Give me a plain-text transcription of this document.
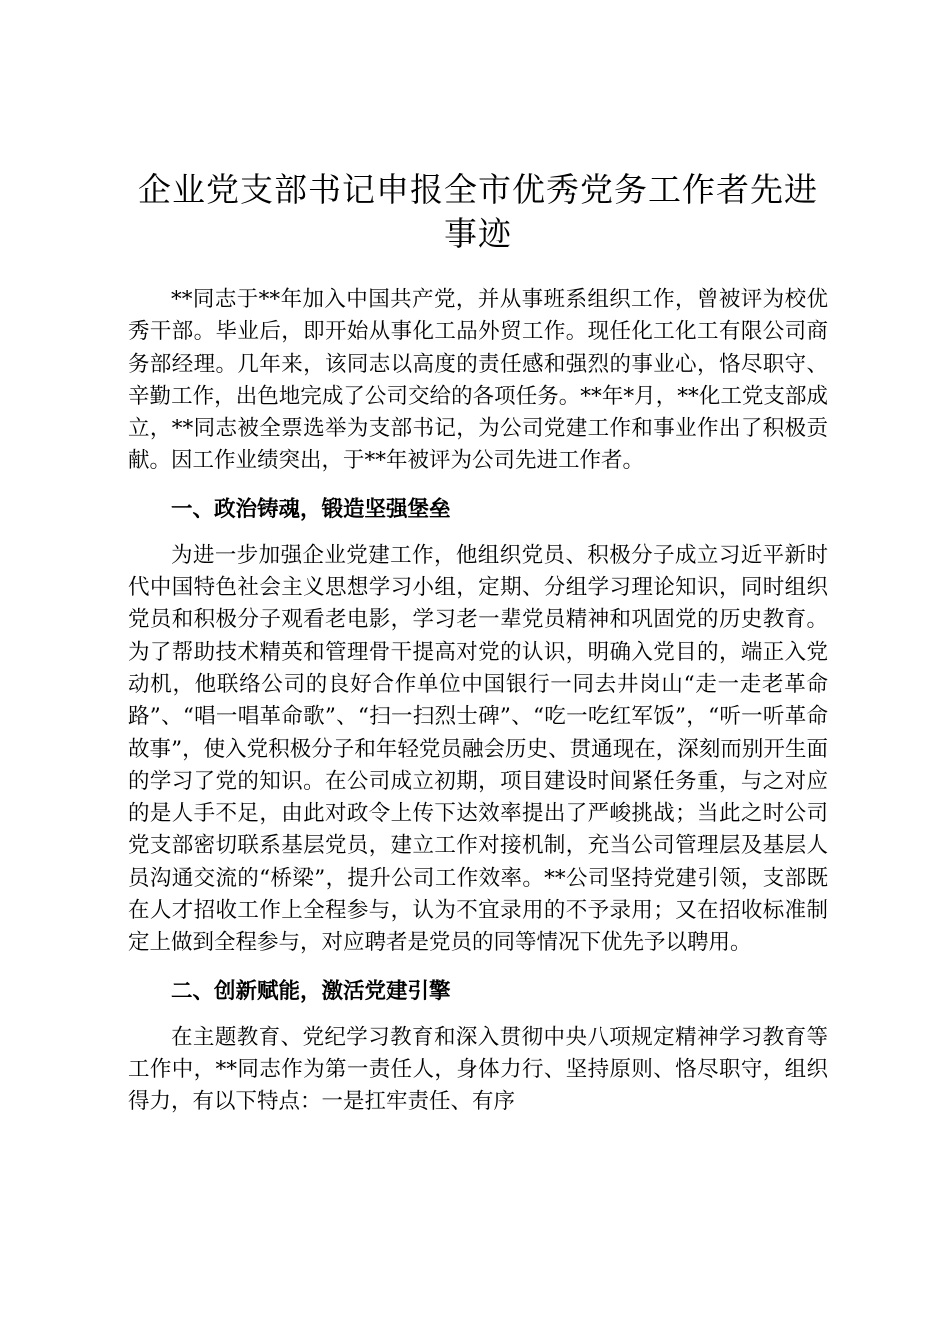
企业党支部书记申报全市优秀党务工作者先进事迹

**同志于**年加入中国共产党，并从事班系组织工作，曾被评为校优秀干部。毕业后，即开始从事化工品外贸工作。现任化工化工有限公司商务部经理。几年来，该同志以高度的责任感和强烈的事业心，恪尽职守、辛勤工作，出色地完成了公司交给的各项任务。**年*月，**化工党支部成立，**同志被全票选举为支部书记，为公司党建工作和事业作出了积极贡献。因工作业绩突出，于**年被评为公司先进工作者。

一、政治铸魂，锻造坚强堡垒

为进一步加强企业党建工作，他组织党员、积极分子成立习近平新时代中国特色社会主义思想学习小组，定期、分组学习理论知识，同时组织党员和积极分子观看老电影，学习老一辈党员精神和巩固党的历史教育。为了帮助技术精英和管理骨干提高对党的认识，明确入党目的，端正入党动机，他联络公司的良好合作单位中国银行一同去井岗山“走一走老革命路”、“唱一唱革命歌”、“扫一扫烈士碑”、“吃一吃红军饭”，“听一听革命故事”，使入党积极分子和年轻党员融会历史、贯通现在，深刻而别开生面的学习了党的知识。在公司成立初期，项目建设时间紧任务重，与之对应的是人手不足，由此对政令上传下达效率提出了严峻挑战；当此之时公司党支部密切联系基层党员，建立工作对接机制，充当公司管理层及基层人员沟通交流的“桥梁”，提升公司工作效率。**公司坚持党建引领，支部既在人才招收工作上全程参与，认为不宜录用的不予录用；又在招收标准制定上做到全程参与，对应聘者是党员的同等情况下优先予以聘用。

二、创新赋能，激活党建引擎

在主题教育、党纪学习教育和深入贯彻中央八项规定精神学习教育等工作中，**同志作为第一责任人，身体力行、坚持原则、恪尽职守，组织得力，有以下特点：一是扛牢责任、有序
